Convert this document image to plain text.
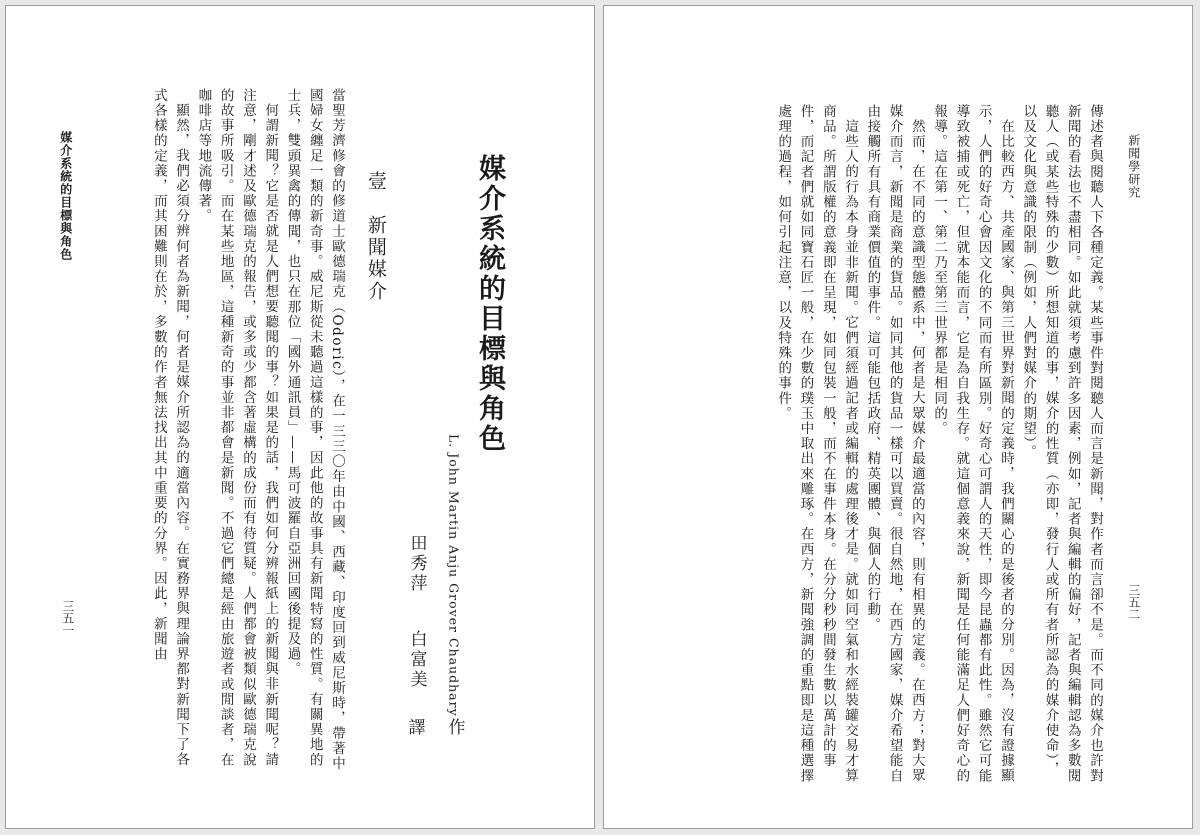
媒介系統的目標與角色
三五一
媒介系統的目標與角色
L. John Martin Anju Grover Chaudhary
作
田秀萍
白富美
譯
壹　新聞媒介

當聖芳濟修會的修道士歐德瑞克（Odoric），在一三三〇年由中國、西藏、印度回到威尼斯時，帶著中國婦女纏足一類的新奇事。威尼斯從未聽過這樣的事，因此他的故事具有新聞特寫的性質。有關異地的士兵，雙頭異禽的傳聞，也只在那位「國外通訊員」——馬可波羅自亞洲回國後提及過。

何謂新聞？它是否就是人們想要聽聞的事？如果是的話，我們如何分辨報紙上的新聞與非新聞呢？請注意，剛才述及歐德瑞克的報告，或多或少都含著虛構的成份而有待質疑。人們都會被類似歐德瑞克說的故事所吸引。而在某些地區，這種新奇的事並非都會是新聞。不過它們總是經由旅遊者或閒談者，在咖啡店等地流傳著。

顯然，我們必須分辨何者為新聞，何者是媒介所認為的適當內容。在實務界與理論界都對新聞下了各式各樣的定義，而其困難則在於，多數的作者無法找出其中重要的分界。因此，新聞由	新聞學研究
三五二

傳述者與閱聽人下各種定義。某些事件對閱聽人而言是新聞，對作者而言卻不是。而不同的媒介也許對新聞的看法也不盡相同。如此就須考慮到許多因素，例如，記者與編輯的偏好，記者與編輯認為多數閱聽人（或某些特殊的少數）所想知道的事，媒介的性質（亦即，發行人或所有者所認為的媒介使命），以及文化與意識的限制（例如，人們對媒介的期望）。

在比較西方、共產國家、與第三世界對新聞的定義時，我們關心的是後者的分別。因為，沒有證據顯示，人們的好奇心會因文化的不同而有所區別。好奇心可謂人的天性，即今昆蟲都有此性。雖然它可能導致被捕或死亡，但就本能而言，它是為自我生存。就這個意義來說，新聞是任何能滿足人們好奇心的報導。這在第一、第二乃至第三世界都是相同的。

然而，在不同的意識型態體系中，何者是大眾媒介最適當的內容，則有相異的定義。在西方；對大眾媒介而言，新聞是商業的貨品。如同其他的貨品一樣可以買賣。很自然地，在西方國家，媒介希望能自由接觸所有具有商業價值的事件。這可能包括政府、精英團體、與個人的行動。

這些人的行為本身並非新聞。它們須經過記者或編輯的處理後才是。就如同空氣和水經裝罐交易才算商品。所謂版權的意義即在呈現，如同包裝一般，而不在事件本身。在分分秒秒間發生數以萬計的事件，而記者們就如同寶石匠一般，在少數的璞玉中取出來雕琢。在西方，新聞強調的重點即是這種選擇處理的過程，如何引起注意，以及特殊的事件。
